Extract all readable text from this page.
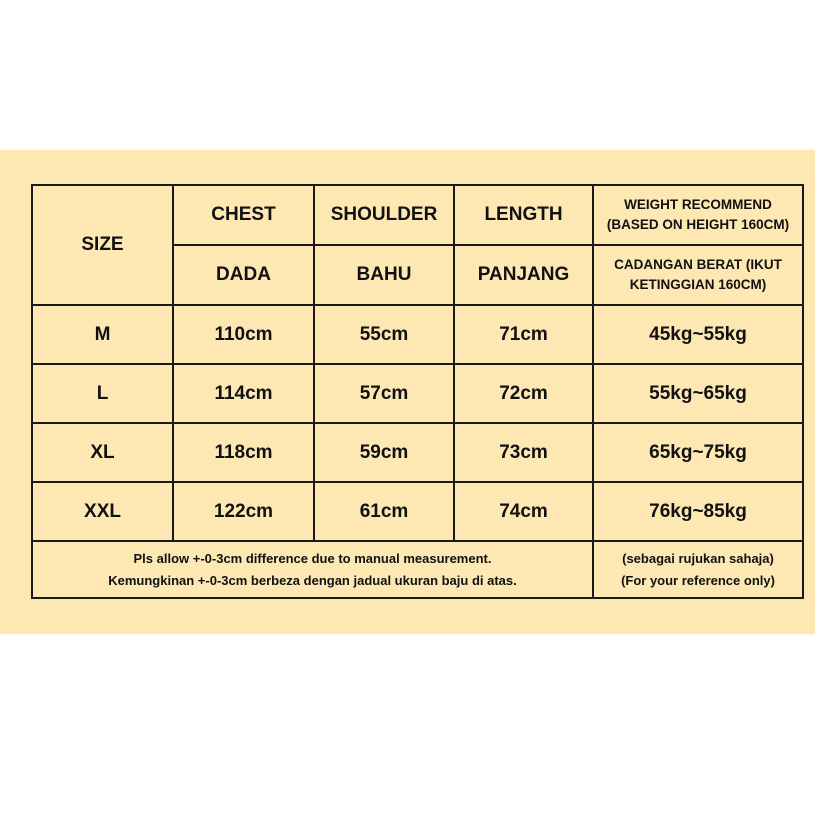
SIZE	CHEST	SHOULDER	LENGTH	WEIGHT RECOMMEND
(BASED ON HEIGHT 160CM)

	DADA	BAHU	PANJANG	CADANGAN BERAT (IKUT
KETINGGIAN 160CM)

M	110cm	55cm	71cm	45kg~55kg
L	114cm	57cm	72cm	55kg~65kg
XL	118cm	59cm	73cm	65kg~75kg
XXL	122cm	61cm	74cm	76kg~85kg

Pls allow +-0-3cm difference due to manual measurement.
Kemungkinan +-0-3cm berbeza dengan jadual ukuran baju di atas.				(sebagai rujukan sahaja)
(For your reference only)
